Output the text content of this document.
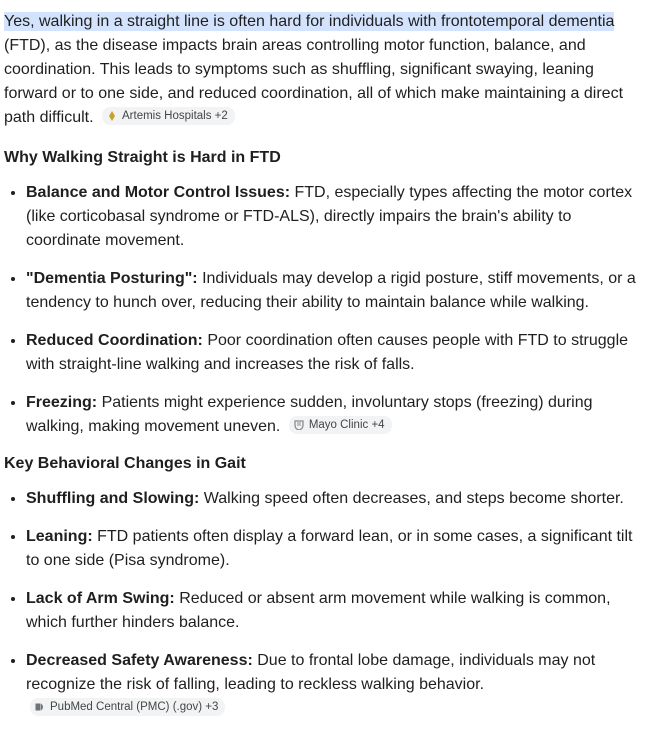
Yes, walking in a straight line is often hard for individuals with frontotemporal dementia (FTD), as the disease impacts brain areas controlling motor function, balance, and coordination. This leads to symptoms such as shuffling, significant swaying, leaning forward or to one side, and reduced coordination, all of which make maintaining a direct path difficult. Artemis Hospitals +2

Why Walking Straight is Hard in FTD
• Balance and Motor Control Issues: FTD, especially types affecting the motor cortex (like corticobasal syndrome or FTD-ALS), directly impairs the brain's ability to coordinate movement.
• "Dementia Posturing": Individuals may develop a rigid posture, stiff movements, or a tendency to hunch over, reducing their ability to maintain balance while walking.
• Reduced Coordination: Poor coordination often causes people with FTD to struggle with straight-line walking and increases the risk of falls.
• Freezing: Patients might experience sudden, involuntary stops (freezing) during walking, making movement uneven. Mayo Clinic +4
Key Behavioral Changes in Gait
• Shuffling and Slowing: Walking speed often decreases, and steps become shorter.
• Leaning: FTD patients often display a forward lean, or in some cases, a significant tilt to one side (Pisa syndrome).
• Lack of Arm Swing: Reduced or absent arm movement while walking is common, which further hinders balance.
• Decreased Safety Awareness: Due to frontal lobe damage, individuals may not recognize the risk of falling, leading to reckless walking behavior.
PubMed Central (PMC) (.gov) +3
